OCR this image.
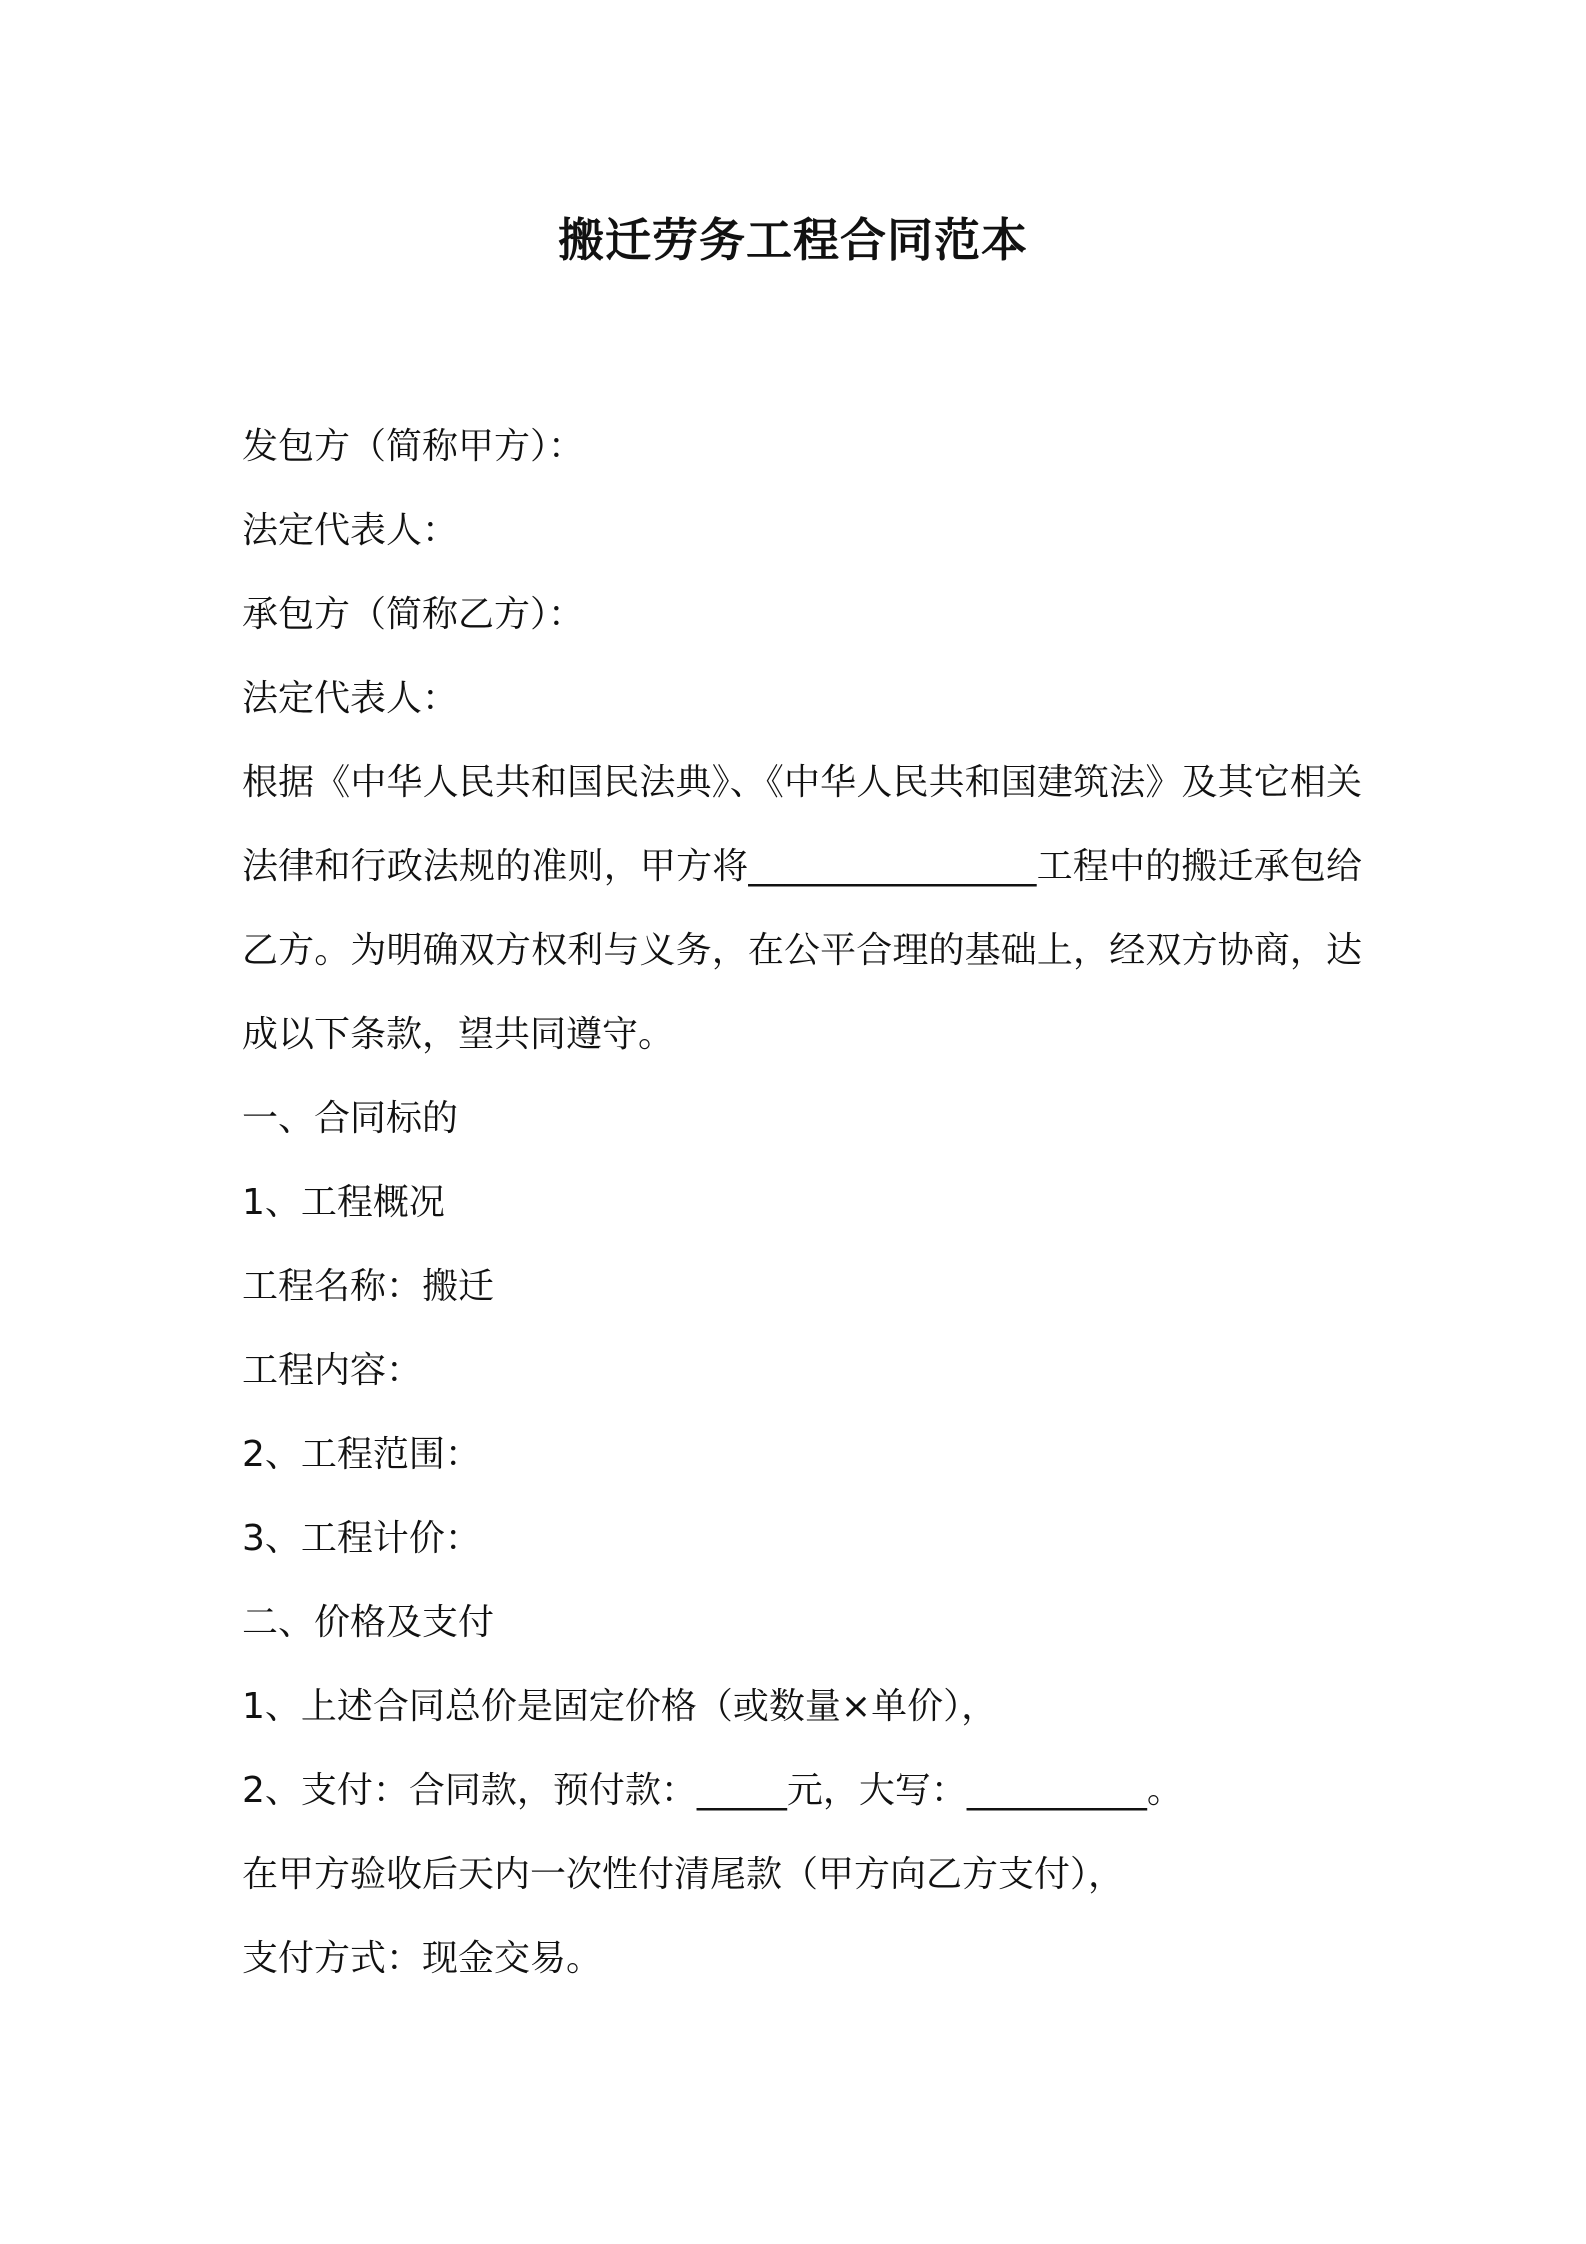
搬迁劳务工程合同范本
发包方（简称甲方）：
法定代表人：
承包方（简称乙方）：
法定代表人：
根据《中华人民共和国民法典》、《中华人民共和国建筑法》及其它相关法律和行政法规的准则，甲方将________________工程中的搬迁承包给乙方。为明确双方权利与义务，在公平合理的基础上，经双方协商，达成以下条款，望共同遵守。
一、合同标的
1、工程概况
工程名称：搬迁
工程内容：
2、工程范围：
3、工程计价：
二、价格及支付
1、上述合同总价是固定价格（或数量×单价），
2、支付：合同款，预付款：_____元，大写：__________。
在甲方验收后天内一次性付清尾款（甲方向乙方支付），
支付方式：现金交易。
